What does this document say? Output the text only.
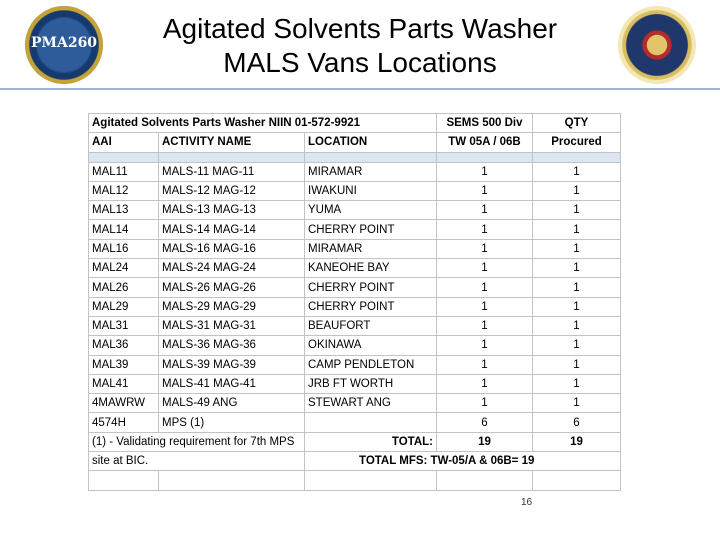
PMA260	Agitated Solvents Parts Washer
MALS Vans Locations
Agitated Solvents Parts Washer NIIN 01-572-9921			SEMS 500 Div	QTY
AAI	ACTIVITY NAME	LOCATION	TW 05A / 06B	Procured

MAL11	MALS-11 MAG-11	MIRAMAR	1	1
MAL12	MALS-12 MAG-12	IWAKUNI	1	1
MAL13	MALS-13 MAG-13	YUMA	1	1
MAL14	MALS-14 MAG-14	CHERRY POINT	1	1
MAL16	MALS-16 MAG-16	MIRAMAR	1	1
MAL24	MALS-24 MAG-24	KANEOHE BAY	1	1
MAL26	MALS-26 MAG-26	CHERRY POINT	1	1
MAL29	MALS-29 MAG-29	CHERRY POINT	1	1
MAL31	MALS-31 MAG-31	BEAUFORT	1	1
MAL36	MALS-36 MAG-36	OKINAWA	1	1
MAL39	MALS-39 MAG-39	CAMP PENDLETON	1	1
MAL41	MALS-41 MAG-41	JRB FT WORTH	1	1
4MAWRW	MALS-49 ANG	STEWART ANG	1	1
4574H	MPS (1)		6	6
(1) - Validating requirement for 7th MPS		TOTAL:	19	19
site at BIC.		TOTAL MFS: TW-05/A & 06B= 19		

16
